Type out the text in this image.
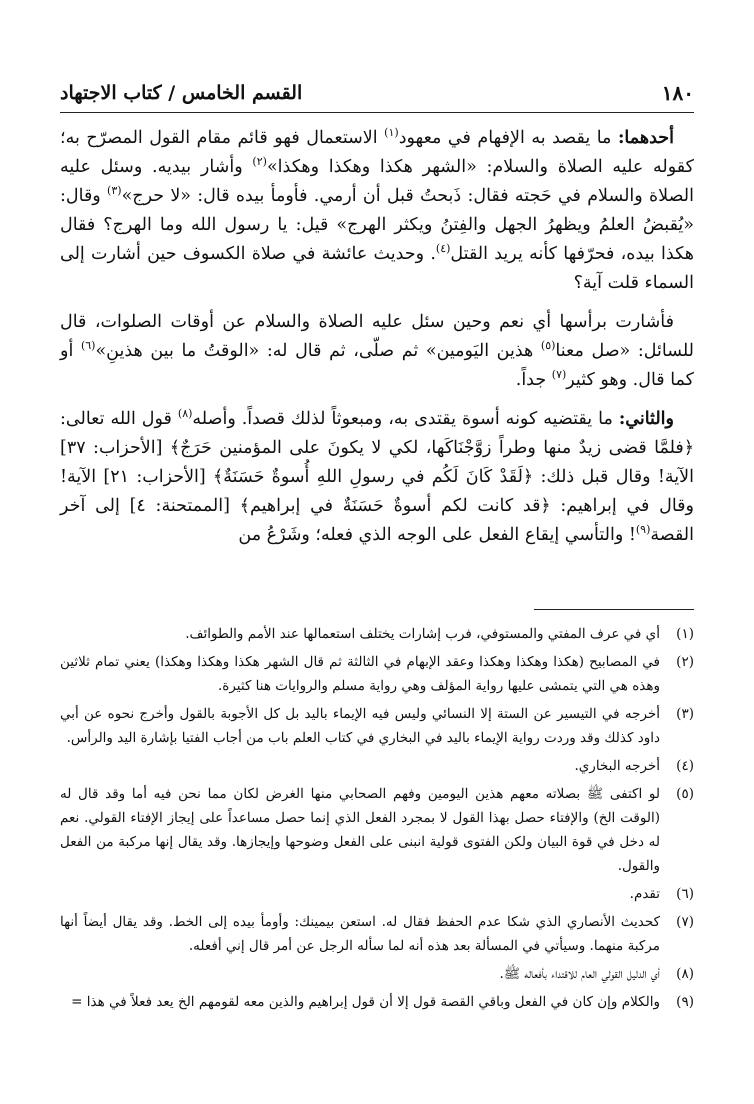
١٨٠
القسم الخامس / كتاب الاجتهاد

أحدهما: ما يقصد به الإفهام في معهود$^{(١)}$ الاستعمال فهو قائم مقام القول المصرّح به؛ كقوله عليه الصلاة والسلام: «الشهر هكذا وهكذا وهكذا»$^{(٢)}$ وأشار بيديه. وسئل عليه الصلاة والسلام في حَجته فقال: ذَبحتُ قبل أن أرمي. فأومأ بيده قال: «لا حرج»$^{(٣)}$ وقال: «يُقبضُ العلمُ ويظهرُ الجهل والفِتنُ ويكثر الهرج» قيل: يا رسول الله وما الهرج؟ فقال هكذا بيده، فحرّفها كأنه يريد القتل$^{(٤)}$. وحديث عائشة في صلاة الكسوف حين أشارت إلى السماء قلت آية؟

فأشارت برأسها أي نعم وحين سئل عليه الصلاة والسلام عن أوقات الصلوات، قال للسائل: «صل معنا$^{(٥)}$ هذين اليَومين» ثم صلّى، ثم قال له: «الوقتُ ما بين هذينِ»$^{(٦)}$ أو كما قال. وهو كثير$^{(٧)}$ جداً.

والثاني: ما يقتضيه كونه أسوة يقتدى به، ومبعوثاً لذلك قصداً. وأصله$^{(٨)}$ قول الله تعالى: ﴿فلمَّا قضى زيدٌ منها وطراً زوَّجْنَاكَها، لكي لا يكونَ على المؤمنين حَرَجٌ﴾ [الأحزاب: ٣٧] الآية! وقال قبل ذلك: ﴿لَقَدْ كَانَ لَكُم في رسولِ اللهِ أُسوةٌ حَسَنَةٌ﴾ [الأحزاب: ٢١] الآية! وقال في إبراهيم: ﴿قد كانت لكم أسوةٌ حَسَنَةٌ في إبراهيم﴾ [الممتحنة: ٤] إلى آخر القصة$^{(٩)}$! والتأسي إيقاع الفعل على الوجه الذي فعله؛ وشَرْعُ من

(١)
أي في عرف المفتي والمستوفي، فرب إشارات يختلف استعمالها عند الأمم والطوائف.
(٢)
في المصابيح (هكذا وهكذا وهكذا وعقد الإبهام في الثالثة ثم قال الشهر هكذا وهكذا وهكذا) يعني تمام ثلاثين وهذه هي التي يتمشى عليها رواية المؤلف وهي رواية مسلم والروايات هنا كثيرة.
(٣)
أخرجه في التيسير عن الستة إلا النسائي وليس فيه الإيماء باليد بل كل الأجوبة بالقول وأخرج نحوه عن أبي داود كذلك وقد وردت رواية الإيماء باليد في البخاري في كتاب العلم باب من أجاب الفتيا بإشارة اليد والرأس.
(٤)
أخرجه البخاري.
(٥)
لو اكتفى ﷺ بصلاته معهم هذين اليومين وفهم الصحابي منها الغرض لكان مما نحن فيه أما وقد قال له (الوقت الخ) والإفتاء حصل بهذا القول لا بمجرد الفعل الذي إنما حصل مساعداً على إيجاز الإفتاء القولي. نعم له دخل في قوة البيان ولكن الفتوى قولية انبنى على الفعل وضوحها وإيجازها. وقد يقال إنها مركبة من الفعل والقول.
(٦)
تقدم.
(٧)
كحديث الأنصاري الذي شكا عدم الحفظ فقال له. استعن بيمينك: وأومأ بيده إلى الخط. وقد يقال أيضاً أنها مركبة منهما. وسيأتي في المسألة بعد هذه أنه لما سأله الرجل عن أمر قال إني أفعله.
(٨)
أي الدليل القولي العام للاقتداء بأفعاله ﷺ.
(٩)
والكلام وإن كان في الفعل وباقي القصة قول إلا أن قول إبراهيم والذين معه لقومهم الخ يعد فعلاً في هذا =
